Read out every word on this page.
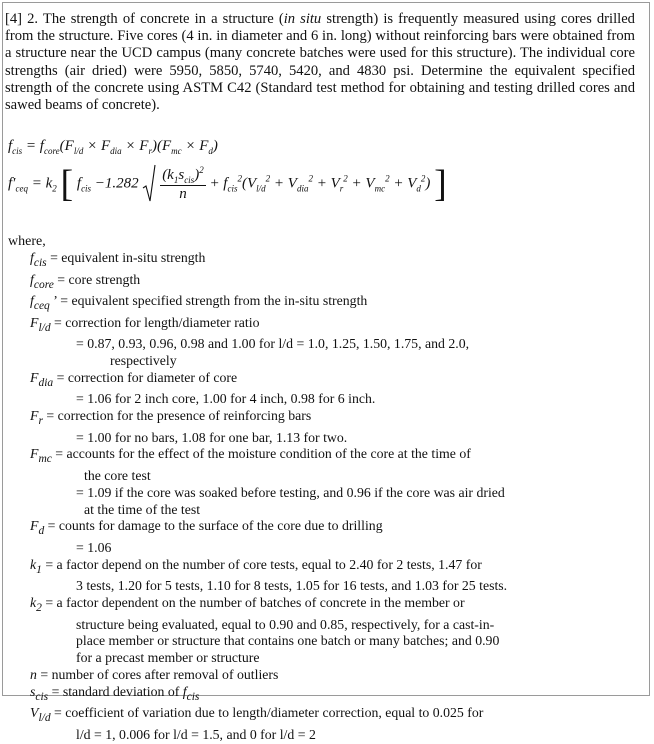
[4] 2. The strength of concrete in a structure (in situ strength) is frequently measured using cores drilled from the structure. Five cores (4 in. in diameter and 6 in. long) without reinforcing bars were obtained from a structure near the UCD campus (many concrete batches were used for this structure). The individual core strengths (air dried) were 5950, 5850, 5740, 5420, and 4830 psi. Determine the equivalent specified strength of the concrete using ASTM C42 (Standard test method for obtaining and testing drilled cores and sawed beams of concrete).
$f_{cis} = f_{core}(F_{l/d} \times F_{dia} \times F_r)(F_{mc} \times F_d)$
$f'_{ceq} = k_2$ [ $f_{cis} -1.282 \frac{(k_1s_{cis})^2}{n} + f_{cis}^2(V_{l/d}^2 + V_{dia}^2 + V_r^2 + V_{mc}^2 + V_d^2)$ ]
where,
$f_{cis}$ = equivalent in-situ strength
$f_{core}$ = core strength
$f_{ceq}$ ’ = equivalent specified strength from the in-situ strength
$F_{l/d}$ = correction for length/diameter ratio
= 0.87, 0.93, 0.96, 0.98 and 1.00 for l/d = 1.0, 1.25, 1.50, 1.75, and 2.0,
respectively
$F_{dia}$ = correction for diameter of core
= 1.06 for 2 inch core, 1.00 for 4 inch, 0.98 for 6 inch.
$F_r$ = correction for the presence of reinforcing bars
= 1.00 for no bars, 1.08 for one bar, 1.13 for two.
$F_{mc}$ = accounts for the effect of the moisture condition of the core at the time of
the core test
= 1.09 if the core was soaked before testing, and 0.96 if the core was air dried
at the time of the test
$F_d$ = counts for damage to the surface of the core due to drilling
= 1.06
$k_1 = a$ factor depend on the number of core tests, equal to 2.40 for 2 tests, 1.47 for
3 tests, 1.20 for 5 tests, 1.10 for 8 tests, 1.05 for 16 tests, and 1.03 for 25 tests.
$k_2 = a$ factor dependent on the number of batches of concrete in the member or
structure being evaluated, equal to 0.90 and 0.85, respectively, for a cast-in-
place member or structure that contains one batch or many batches; and 0.90
for a precast member or structure
n = number of cores after removal of outliers
$s_{cis}$ = standard deviation of $f_{cis}$
$V_{l/d}$ = coefficient of variation due to length/diameter correction, equal to 0.025 for
l/d = 1, 0.006 for l/d = 1.5, and 0 for l/d = 2
